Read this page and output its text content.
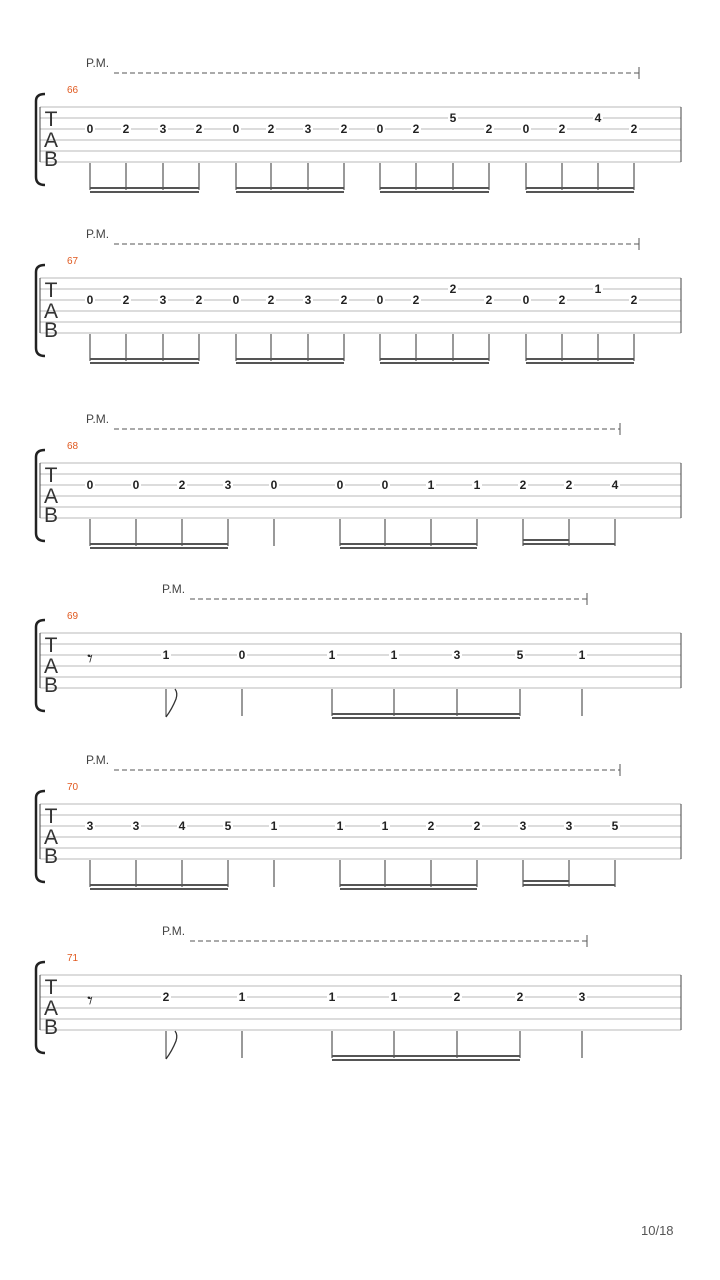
P.M.
66
T
A
B
0 2	3 2	0 2	3 2 0 2
5
2	0 2
4
2
P.M.
67
T
A
B
0 2	3 2	0 2	3 2 0 2
2
2	0 2
1
2
P.M.
68
T
A
B
0	0	2	3	0	0	0	1	1	2	2	4
P.M.
69
T
A
B
𝄾	1	0	1	1	3	5	1
P.M.
70
T
A
B
3	3	4	5	1	1	1	2	2	3	3	5
P.M.
71
T
A
B
𝄾	2	1	1	1	2	2	3
10/18
